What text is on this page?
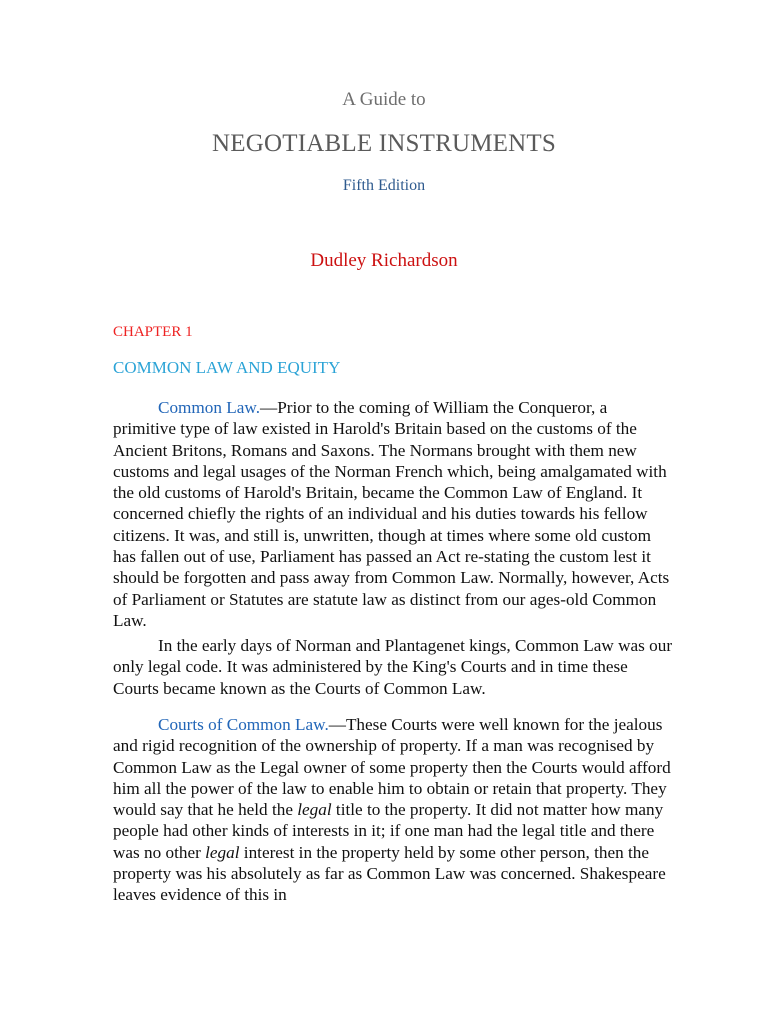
A Guide to
NEGOTIABLE INSTRUMENTS
Fifth Edition
Dudley Richardson
CHAPTER 1
COMMON LAW AND EQUITY

Common Law.—Prior to the coming of William the Conqueror, a primitive type of law existed in Harold's Britain based on the customs of the Ancient Britons, Romans and Saxons. The Normans brought with them new customs and legal usages of the Norman French which, being amalgamated with the old customs of Harold's Britain, became the Common Law of England. It concerned chiefly the rights of an individual and his duties towards his fellow citizens. It was, and still is, unwritten, though at times where some old custom has fallen out of use, Parliament has passed an Act re-stating the custom lest it should be forgotten and pass away from Common Law. Normally, however, Acts of Parliament or Statutes are statute law as distinct from our ages-old Common Law.

In the early days of Norman and Plantagenet kings, Common Law was our only legal code. It was administered by the King's Courts and in time these Courts became known as the Courts of Common Law.

Courts of Common Law.—These Courts were well known for the jealous and rigid recognition of the ownership of property. If a man was recognised by Common Law as the Legal owner of some property then the Courts would afford him all the power of the law to enable him to obtain or retain that property. They would say that he held the legal title to the property. It did not matter how many people had other kinds of interests in it; if one man had the legal title and there was no other legal interest in the property held by some other person, then the property was his absolutely as far as Common Law was concerned. Shakespeare leaves evidence of this in
